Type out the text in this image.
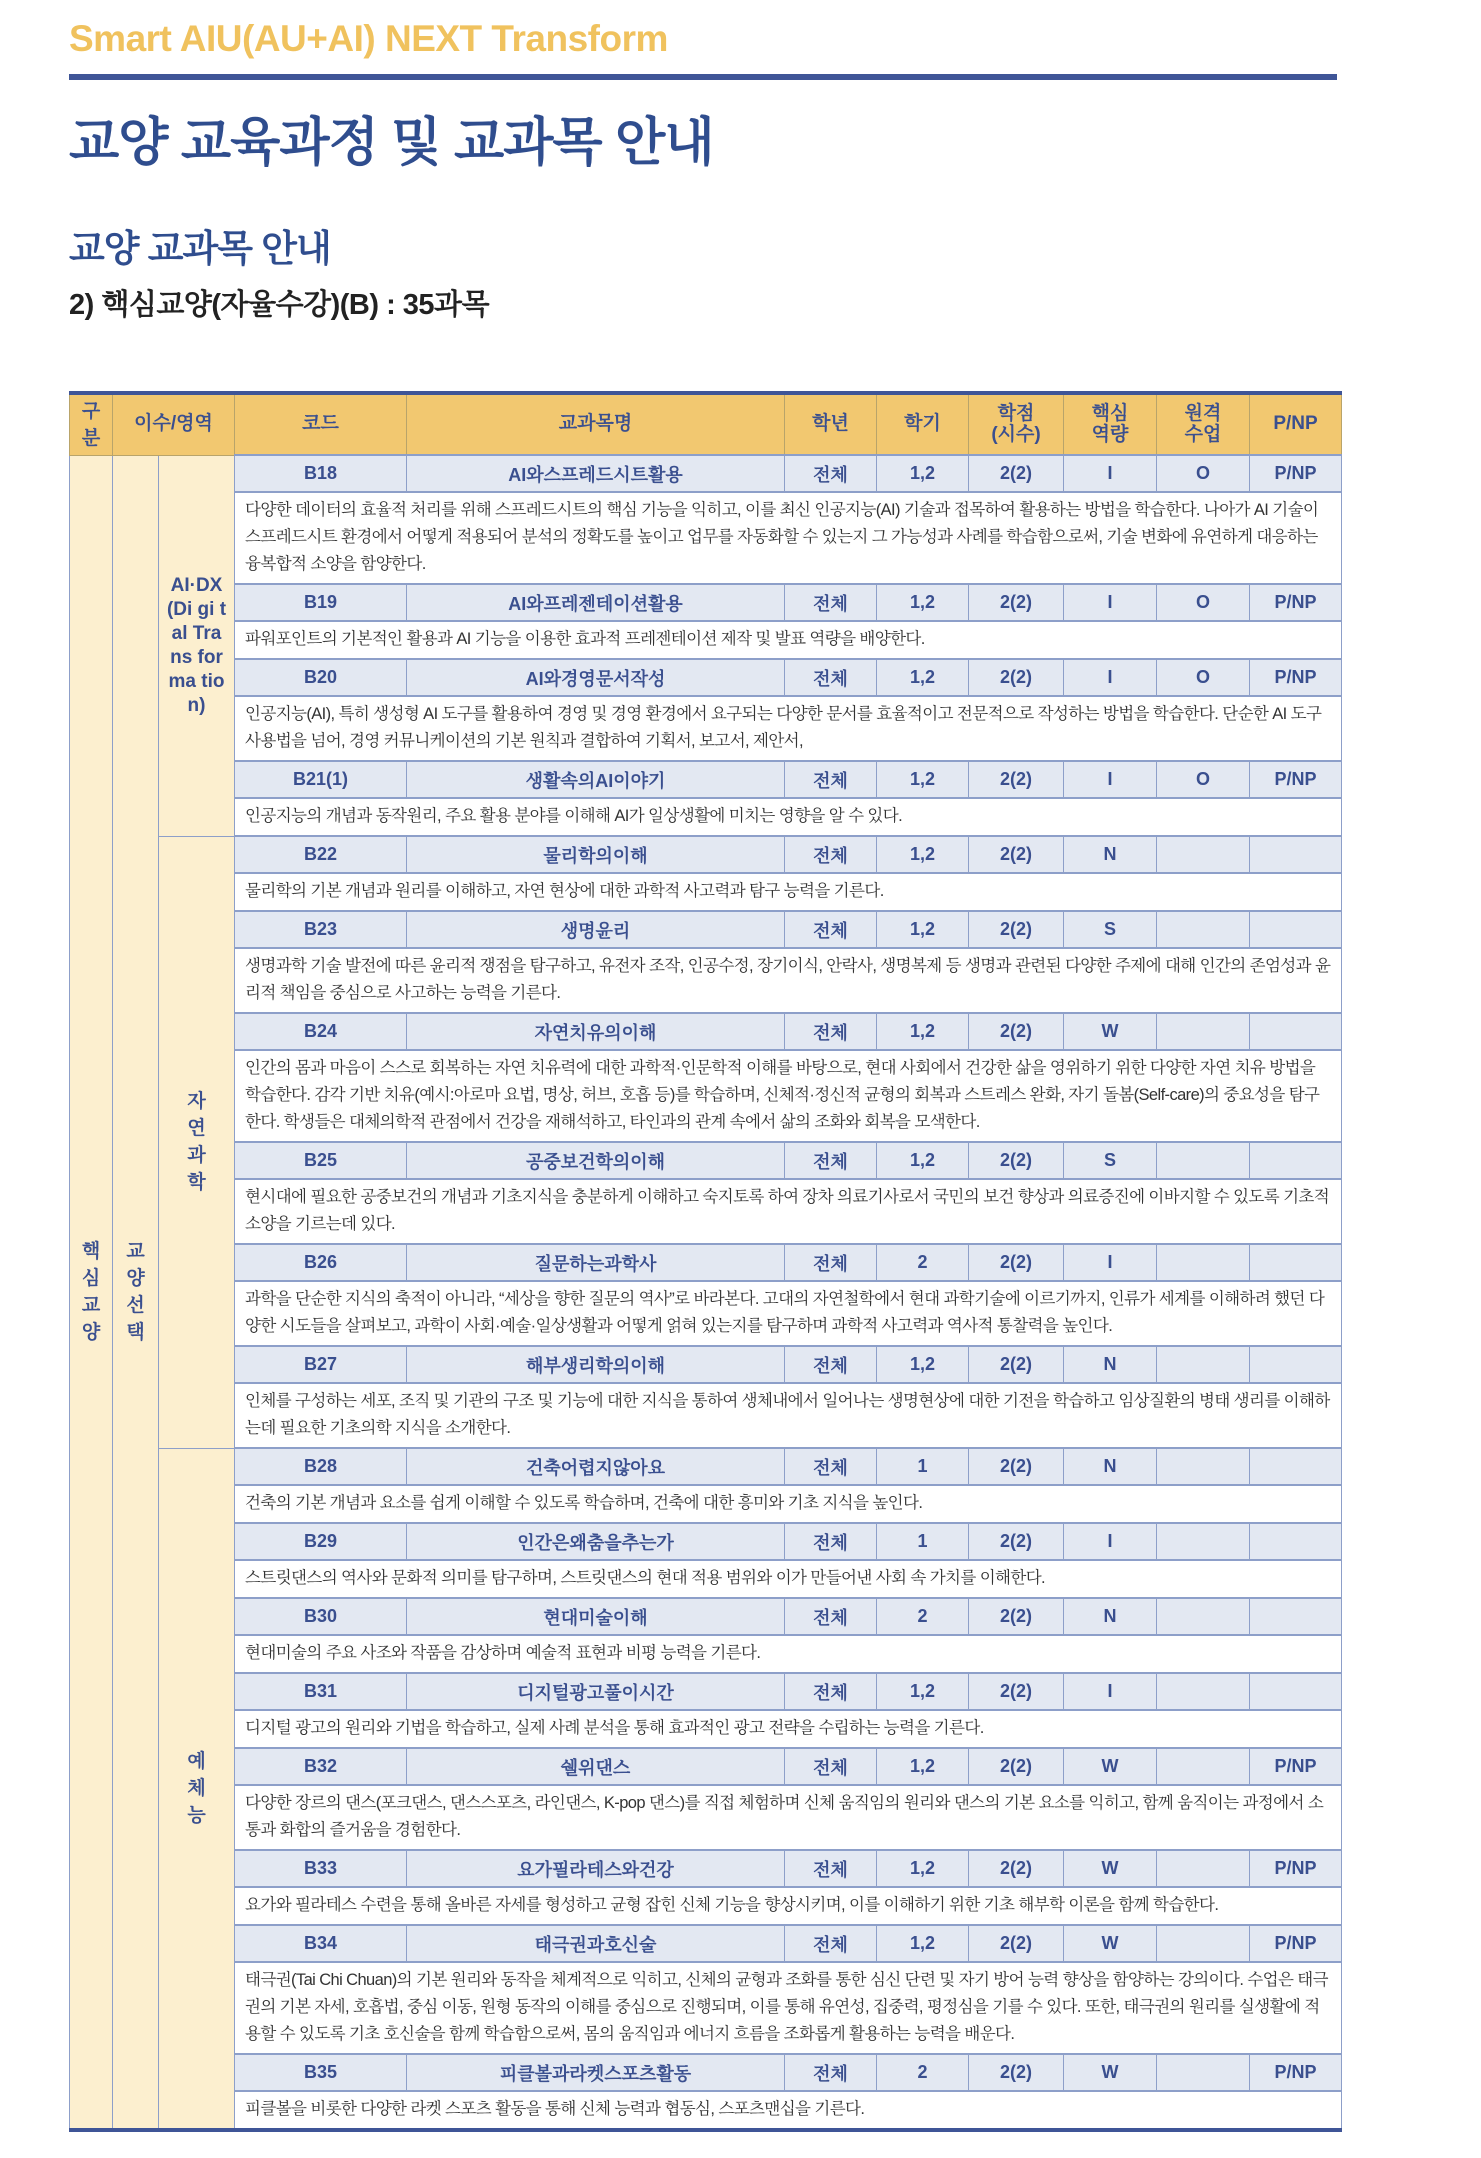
Smart AIU(AU+AI) NEXT Transform
교양 교육과정 및 교과목 안내
교양 교과목 안내
2) 핵심교양(자율수강)(B) : 35과목
구분	이수/영역		코드	교과목명	학년	학기	학점 (시수)	핵심 역량	원격 수업	P/NP
핵심교양	교양선택	AI·DX (Di gi tal Trans for ma tion)	B18	AI와스프레드시트활용	전체	1,2	2(2)	I	O	P/NP
			다양한 데이터의 효율적 처리를 위해 스프레드시트의 핵심 기능을 익히고, 이를 최신 인공지능(AI) 기술과 접목하여 활용하는 방법을 학습한다. 나아가 AI 기술이 스프레드시트 환경에서 어떻게 적용되어 분석의 정확도를 높이고 업무를 자동화할 수 있는지 그 가능성과 사례를 학습함으로써, 기술 변화에 유연하게 대응하는 융복합적 소양을 함양한다.							
			B19	AI와프레젠테이션활용	전체	1,2	2(2)	I	O	P/NP
			파워포인트의 기본적인 활용과 AI 기능을 이용한 효과적 프레젠테이션 제작 및 발표 역량을 배양한다.							
			B20	AI와경영문서작성	전체	1,2	2(2)	I	O	P/NP
			인공지능(AI), 특히 생성형 AI 도구를 활용하여 경영 및 경영 환경에서 요구되는 다양한 문서를 효율적이고 전문적으로 작성하는 방법을 학습한다. 단순한 AI 도구 사용법을 넘어, 경영 커뮤니케이션의 기본 원칙과 결합하여 기획서, 보고서, 제안서,							
			B21(1)	생활속의AI이야기	전체	1,2	2(2)	I	O	P/NP
			인공지능의 개념과 동작원리, 주요 활용 분야를 이해해 AI가 일상생활에 미치는 영향을 알 수 있다.							
		자연과학	B22	물리학의이해	전체	1,2	2(2)	N		
			물리학의 기본 개념과 원리를 이해하고, 자연 현상에 대한 과학적 사고력과 탐구 능력을 기른다.							
			B23	생명윤리	전체	1,2	2(2)	S		
			생명과학 기술 발전에 따른 윤리적 쟁점을 탐구하고, 유전자 조작, 인공수정, 장기이식, 안락사, 생명복제 등 생명과 관련된 다양한 주제에 대해 인간의 존엄성과 윤리적 책임을 중심으로 사고하는 능력을 기른다.							
			B24	자연치유의이해	전체	1,2	2(2)	W		
			인간의 몸과 마음이 스스로 회복하는 자연 치유력에 대한 과학적·인문학적 이해를 바탕으로, 현대 사회에서 건강한 삶을 영위하기 위한 다양한 자연 치유 방법을 학습한다. 감각 기반 치유(예시:아로마 요법, 명상, 허브, 호흡 등)를 학습하며, 신체적·정신적 균형의 회복과 스트레스 완화, 자기 돌봄(Self-care)의 중요성을 탐구한다. 학생들은 대체의학적 관점에서 건강을 재해석하고, 타인과의 관계 속에서 삶의 조화와 회복을 모색한다.							
			B25	공중보건학의이해	전체	1,2	2(2)	S		
			현시대에 필요한 공중보건의 개념과 기초지식을 충분하게 이해하고 숙지토록 하여 장차 의료기사로서 국민의 보건 향상과 의료증진에 이바지할 수 있도록 기초적 소양을 기르는데 있다.							
			B26	질문하는과학사	전체	2	2(2)	I		
			과학을 단순한 지식의 축적이 아니라, “세상을 향한 질문의 역사”로 바라본다. 고대의 자연철학에서 현대 과학기술에 이르기까지, 인류가 세계를 이해하려 했던 다양한 시도들을 살펴보고, 과학이 사회·예술·일상생활과 어떻게 얽혀 있는지를 탐구하며 과학적 사고력과 역사적 통찰력을 높인다.							
			B27	해부생리학의이해	전체	1,2	2(2)	N		
			인체를 구성하는 세포, 조직 및 기관의 구조 및 기능에 대한 지식을 통하여 생체내에서 일어나는 생명현상에 대한 기전을 학습하고 임상질환의 병태 생리를 이해하는데 필요한 기초의학 지식을 소개한다.							
		예체능	B28	건축어렵지않아요	전체	1	2(2)	N		
			건축의 기본 개념과 요소를 쉽게 이해할 수 있도록 학습하며, 건축에 대한 흥미와 기초 지식을 높인다.							
			B29	인간은왜춤을추는가	전체	1	2(2)	I		
			스트릿댄스의 역사와 문화적 의미를 탐구하며, 스트릿댄스의 현대 적용 범위와 이가 만들어낸 사회 속 가치를 이해한다.							
			B30	현대미술이해	전체	2	2(2)	N		
			현대미술의 주요 사조와 작품을 감상하며 예술적 표현과 비평 능력을 기른다.							
			B31	디지털광고풀이시간	전체	1,2	2(2)	I		
			디지털 광고의 원리와 기법을 학습하고, 실제 사례 분석을 통해 효과적인 광고 전략을 수립하는 능력을 기른다.							
			B32	쉘위댄스	전체	1,2	2(2)	W		P/NP
			다양한 장르의 댄스(포크댄스, 댄스스포츠, 라인댄스, K-pop 댄스)를 직접 체험하며 신체 움직임의 원리와 댄스의 기본 요소를 익히고, 함께 움직이는 과정에서 소통과 화합의 즐거움을 경험한다.							
			B33	요가필라테스와건강	전체	1,2	2(2)	W		P/NP
			요가와 필라테스 수련을 통해 올바른 자세를 형성하고 균형 잡힌 신체 기능을 향상시키며, 이를 이해하기 위한 기초 해부학 이론을 함께 학습한다.							
			B34	태극권과호신술	전체	1,2	2(2)	W		P/NP
			태극권(Tai Chi Chuan)의 기본 원리와 동작을 체계적으로 익히고, 신체의 균형과 조화를 통한 심신 단련 및 자기 방어 능력 향상을 함양하는 강의이다. 수업은 태극권의 기본 자세, 호흡법, 중심 이동, 원형 동작의 이해를 중심으로 진행되며, 이를 통해 유연성, 집중력, 평정심을 기를 수 있다. 또한, 태극권의 원리를 실생활에 적용할 수 있도록 기초 호신술을 함께 학습함으로써, 몸의 움직임과 에너지 흐름을 조화롭게 활용하는 능력을 배운다.							
			B35	피클볼과라켓스포츠활동	전체	2	2(2)	W		P/NP
			피클볼을 비롯한 다양한 라켓 스포츠 활동을 통해 신체 능력과 협동심, 스포츠맨십을 기른다.							
